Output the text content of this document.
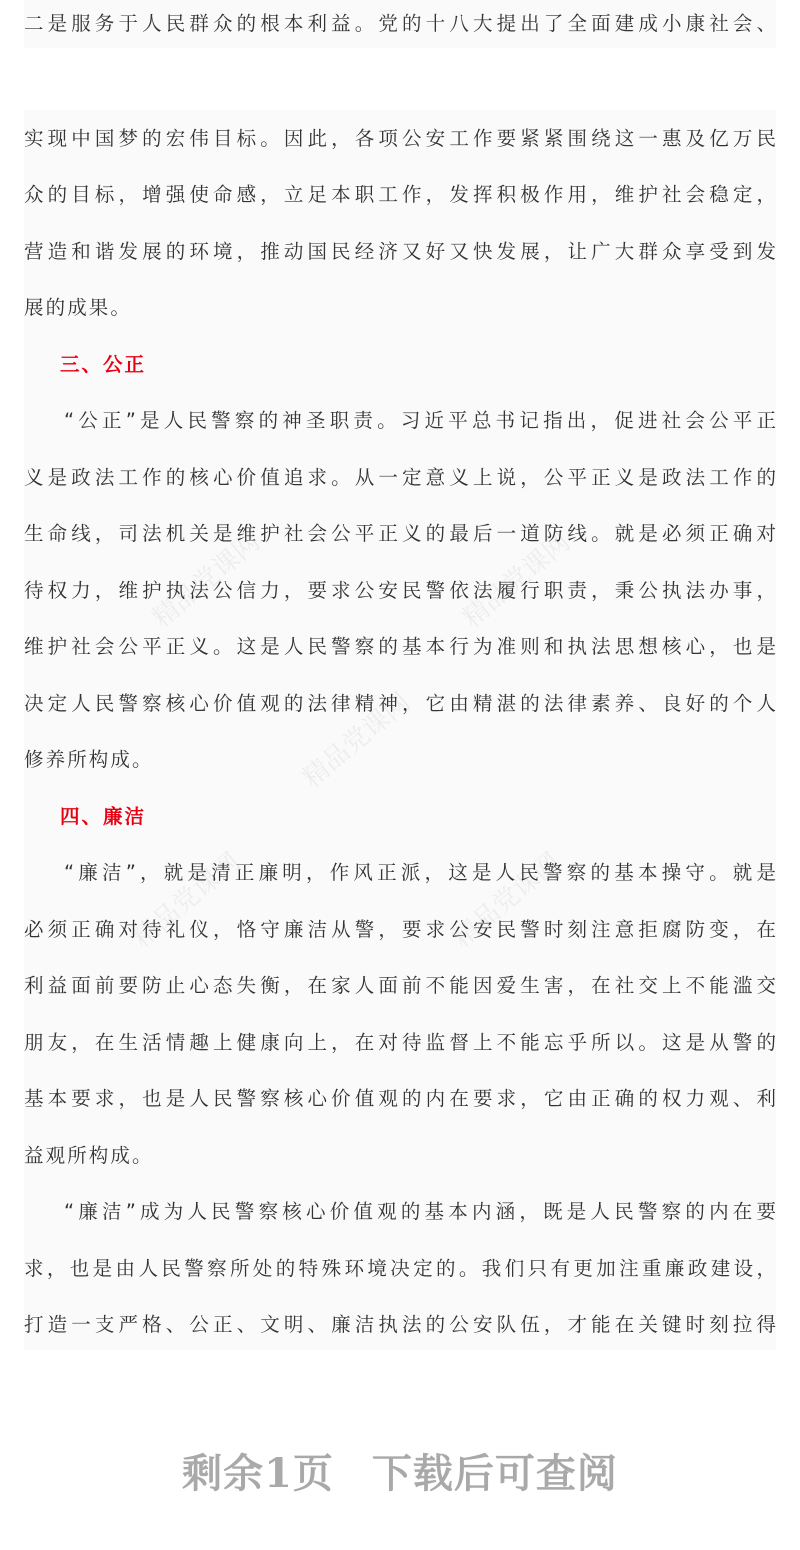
二是服务于人民群众的根本利益。党的十八大提出了全面建成小康社会、
实现中国梦的宏伟目标。因此，各项公安工作要紧紧围绕这一惠及亿万民
众的目标，增强使命感，立足本职工作，发挥积极作用，维护社会稳定，
营造和谐发展的环境，推动国民经济又好又快发展，让广大群众享受到发
展的成果。
三、公正
“公正”是人民警察的神圣职责。习近平总书记指出，促进社会公平正
义是政法工作的核心价值追求。从一定意义上说，公平正义是政法工作的
生命线，司法机关是维护社会公平正义的最后一道防线。就是必须正确对
待权力，维护执法公信力，要求公安民警依法履行职责，秉公执法办事，
维护社会公平正义。这是人民警察的基本行为准则和执法思想核心，也是
决定人民警察核心价值观的法律精神，它由精湛的法律素养、良好的个人
修养所构成。
四、廉洁
“廉洁”，就是清正廉明，作风正派，这是人民警察的基本操守。就是
必须正确对待礼仪，恪守廉洁从警，要求公安民警时刻注意拒腐防变，在
利益面前要防止心态失衡，在家人面前不能因爱生害，在社交上不能滥交
朋友，在生活情趣上健康向上，在对待监督上不能忘乎所以。这是从警的
基本要求，也是人民警察核心价值观的内在要求，它由正确的权力观、利
益观所构成。
“廉洁”成为人民警察核心价值观的基本内涵，既是人民警察的内在要
求，也是由人民警察所处的特殊环境决定的。我们只有更加注重廉政建设，
打造一支严格、公正、文明、廉洁执法的公安队伍，才能在关键时刻拉得
剩余1页 下载后可查阅
